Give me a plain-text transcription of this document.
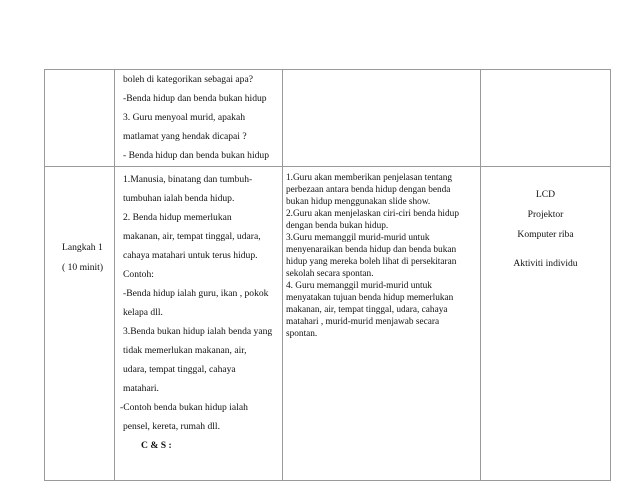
boleh di kategorikan sebagai apa?
-Benda hidup dan benda bukan hidup
3. Guru menyoal murid, apakah
matlamat yang hendak dicapai ?
- Benda hidup dan benda bukan hidup
Langkah 1
( 10 minit)
1.Manusia, binatang dan tumbuh-
tumbuhan ialah benda hidup.
2. Benda hidup memerlukan
makanan, air, tempat tinggal, udara,
cahaya matahari untuk terus hidup.
Contoh:
-Benda hidup ialah guru, ikan , pokok
kelapa dll.
3.Benda bukan hidup ialah benda yang
tidak memerlukan makanan, air,
udara, tempat tinggal, cahaya
matahari.
-Contoh benda bukan hidup ialah
pensel, kereta, rumah dll.
C & S :
1.Guru akan memberikan penjelasan tentang
perbezaan antara benda hidup dengan benda
bukan hidup menggunakan slide show.
2.Guru akan menjelaskan ciri-ciri benda hidup
dengan benda bukan hidup.
3.Guru memanggil murid-murid untuk
menyenaraikan benda hidup dan benda bukan
hidup yang mereka boleh lihat di persekitaran
sekolah secara spontan.
4. Guru memanggil murid-murid untuk
menyatakan tujuan benda hidup memerlukan
makanan, air, tempat tinggal, udara, cahaya
matahari , murid-murid menjawab secara
spontan.
LCD
Projektor
Komputer riba
Aktiviti individu
